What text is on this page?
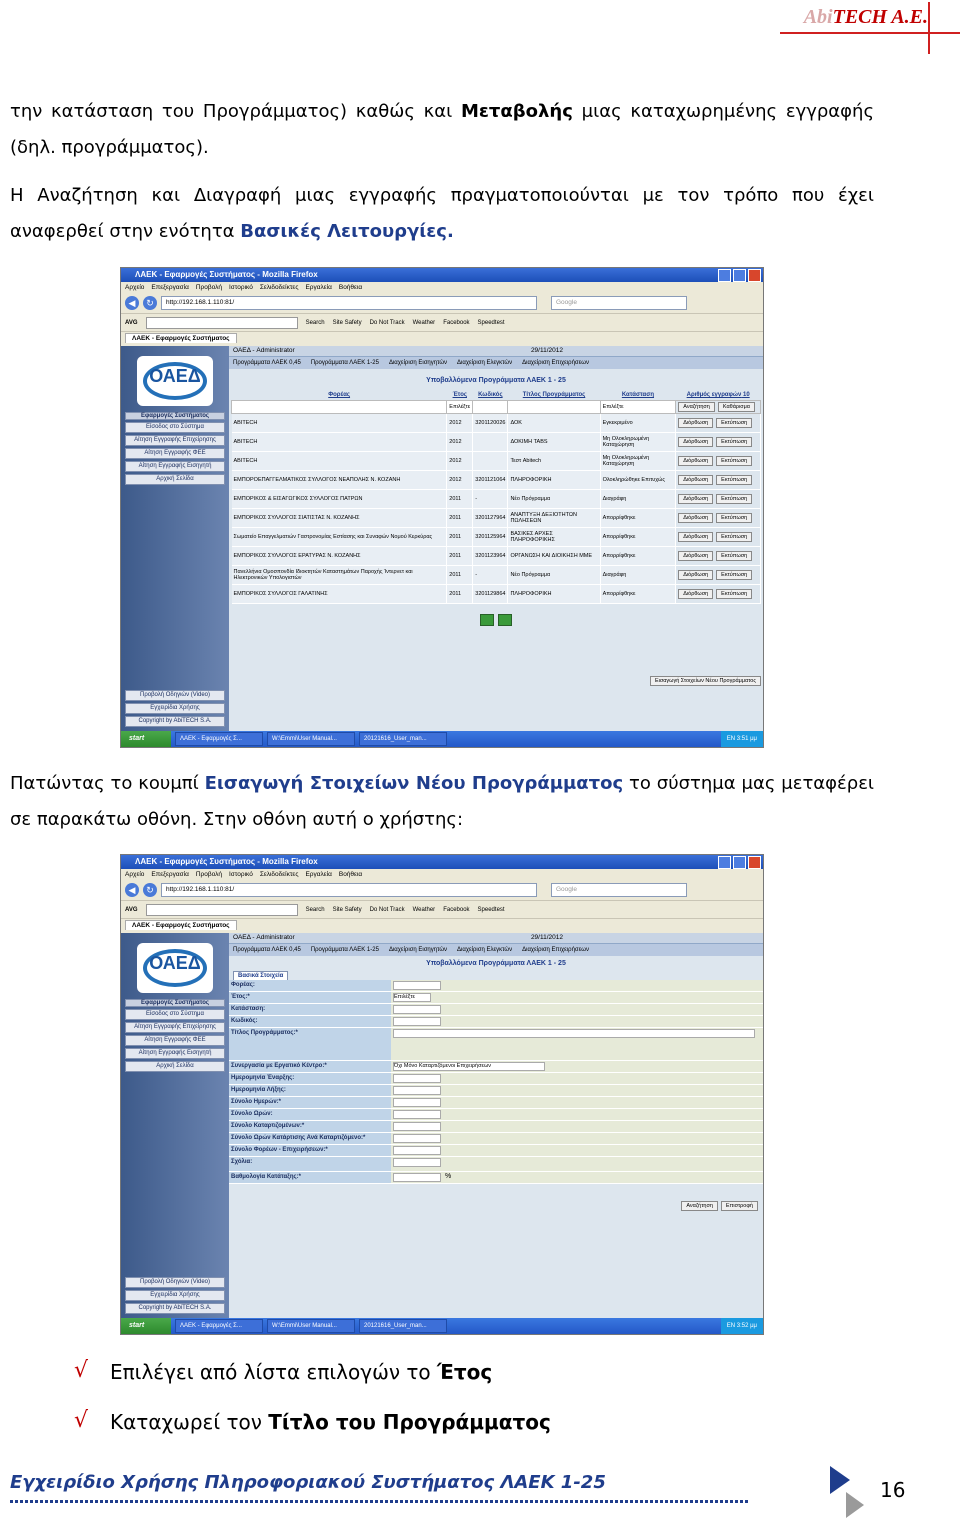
AbiTECH A.E.
την κατάσταση του Προγράμματος) καθώς και Μεταβολής μιας καταχωρημένης εγγραφής (δηλ. προγράμματος).
Η Αναζήτηση και Διαγραφή μιας εγγραφής πραγματοποιούνται με τον τρόπο που έχει αναφερθεί στην ενότητα Βασικές Λειτουργίες.
ΛΑΕΚ - Εφαρμογές Συστήματος - Mozilla Firefox
Αρχείο Επεξεργασία Προβολή Ιστορικό Σελιδοδείκτες Εργαλεία Βοήθεια
◀	↻	http://192.168.1.110:81/	Google
AVG	Search Site Safety Do Not Track Weather Facebook Speedtest
ΛΑΕΚ - Εφαρμογές Συστήματος
ΟΑΕΔ
Εφαρμογές Συστήματος
Είσοδος στο Σύστημα
Αίτηση Εγγραφής Επιχείρησης
Αίτηση Εγγραφής ΦΕΕ
Αίτηση Εγγραφής Εισηγητή
Αρχική Σελίδα
Προβολή Οδηγιών (Video)
Εγχειρίδια Χρήσης
Copyright by AbiTECH S.A.
ΟΑΕΔ - Administrator	29/11/2012
Προγράμματα ΛΑΕΚ 0,45 Προγράμματα ΛΑΕΚ 1-25 Διαχείριση Εισηγητών Διαχείριση Ελεγκτών Διαχείριση Επιχειρήσεων
Υποβαλλόμενα Προγράμματα ΛΑΕΚ 1 - 25
Φορέας	Έτος	Κωδικός	Τίτλος Προγράμματος	Κατάσταση	Αριθμός εγγραφών 10
	Επιλέξτε			Επιλέξτε	Αναζήτηση Καθάρισμα
ABITECH	2012	3201120026	ΔΟΚ	Εγκεκριμένο	Διόρθωση Εκτύπωση
ABITECH	2012		ΔΟΚΙΜΗ TABS	Μη Ολοκληρωμένη Καταχώρηση	Διόρθωση Εκτύπωση
ABITECH	2012		Τεστ Abitech	Μη Ολοκληρωμένη Καταχώρηση	Διόρθωση Εκτύπωση
ΕΜΠΟΡΟΕΠΑΓΓΕΛΜΑΤΙΚΟΣ ΣΥΛΛΟΓΟΣ ΝΕΑΠΟΛΗΣ Ν. ΚΟΖΑΝΗ	2012	3201121064	ΠΛΗΡΟΦΟΡΙΚΗ	Ολοκληρώθηκε Επιτυχώς	Διόρθωση Εκτύπωση
ΕΜΠΟΡΙΚΟΣ & ΕΙΣΑΓΩΓΙΚΟΣ ΣΥΛΛΟΓΟΣ ΠΑΤΡΩΝ	2011	-	Νέο Πρόγραμμα	Διαγράφη	Διόρθωση Εκτύπωση
ΕΜΠΟΡΙΚΟΣ ΣΥΛΛΟΓΟΣ ΣΙΑΤΙΣΤΑΣ Ν. ΚΟΖΑΝΗΣ	2011	3201127964	ΑΝΑΠΤΥΞΗ ΔΕΞΙΟΤΗΤΩΝ ΠΩΛΗΣΕΩΝ	Απορρίφθηκε	Διόρθωση Εκτύπωση
Σωματείο Επαγγελματιών Γαστρονομίας Εστίασης και Συναφών Νομού Κερκύρας	2011	3201125964	ΒΑΣΙΚΕΣ ΑΡΧΕΣ ΠΛΗΡΟΦΟΡΙΚΗΣ	Απορρίφθηκε	Διόρθωση Εκτύπωση
ΕΜΠΟΡΙΚΟΣ ΣΥΛΛΟΓΟΣ ΕΡΑΤΥΡΑΣ Ν. ΚΟΖΑΝΗΣ	2011	3201123964	ΟΡΓΑΝΩΣΗ ΚΑΙ ΔΙΟΙΚΗΣΗ ΜΜΕ	Απορρίφθηκε	Διόρθωση Εκτύπωση
Πανελλήνια Ομοσπονδία Ιδιοκτητών Καταστημάτων Παροχής Ίντερνετ και Ηλεκτρονικών Υπολογιστών	2011	-	Νέο Πρόγραμμα	Διαγράφη	Διόρθωση Εκτύπωση
ΕΜΠΟΡΙΚΟΣ ΣΥΛΛΟΓΟΣ ΓΑΛΑΤΙΝΗΣ	2011	3201129864	ΠΛΗΡΟΦΟΡΙΚΗ	Απορρίφθηκε	Διόρθωση Εκτύπωση
Εισαγωγή Στοιχείων Νέου Προγράμματος
start	ΛΑΕΚ - Εφαρμογές Σ...	W:\Emmi\User Manual...	20121616_User_man...	EN 3:51 μμ
Πατώντας το κουμπί Εισαγωγή Στοιχείων Νέου Προγράμματος το σύστημα μας μεταφέρει σε παρακάτω οθόνη. Στην οθόνη αυτή ο χρήστης:
ΛΑΕΚ - Εφαρμογές Συστήματος - Mozilla Firefox
Αρχείο Επεξεργασία Προβολή Ιστορικό Σελιδοδείκτες Εργαλεία Βοήθεια
◀	↻	http://192.168.1.110:81/	Google
AVG	Search Site Safety Do Not Track Weather Facebook Speedtest
ΛΑΕΚ - Εφαρμογές Συστήματος
ΟΑΕΔ
Εφαρμογές Συστήματος
Είσοδος στο Σύστημα
Αίτηση Εγγραφής Επιχείρησης
Αίτηση Εγγραφής ΦΕΕ
Αίτηση Εγγραφής Εισηγητή
Αρχική Σελίδα
Προβολή Οδηγιών (Video)
Εγχειρίδια Χρήσης
Copyright by AbiTECH S.A.
ΟΑΕΔ - Administrator	29/11/2012
Προγράμματα ΛΑΕΚ 0,45 Προγράμματα ΛΑΕΚ 1-25 Διαχείριση Εισηγητών Διαχείριση Ελεγκτών Διαχείριση Επιχειρήσεων
Υποβαλλόμενα Προγράμματα ΛΑΕΚ 1 - 25
Βασικά Στοιχεία
Φορέας:
Έτος:*	Επιλέξτε
Κατάσταση:
Κωδικός:
Τίτλος Προγράμματος:*
Συνεργασία με Εργατικό Κέντρο:*	Όχι Μόνο Καταρτιζόμενοι Επιχειρήσεων
Ημερομηνία Έναρξης:
Ημερομηνία Λήξης:
Σύνολο Ημερών:*
Σύνολο Ωρών:
Σύνολο Καταρτιζομένων:*
Σύνολο Ωρών Κατάρτισης Ανά Καταρτιζόμενο:*
Σύνολο Φορέων - Επιχειρήσεων:*
Σχόλια:
Βαθμολογία Κατάταξης:*	%
Αναζήτηση Επιστροφή
start	ΛΑΕΚ - Εφαρμογές Σ...	W:\Emmi\User Manual...	20121616_User_man...	EN 3:52 μμ
√ Επιλέγει από λίστα επιλογών το Έτος
√ Καταχωρεί τον Τίτλο του Προγράμματος
Εγχειρίδιο Χρήσης Πληροφοριακού Συστήματος ΛΑΕΚ 1-25	16
